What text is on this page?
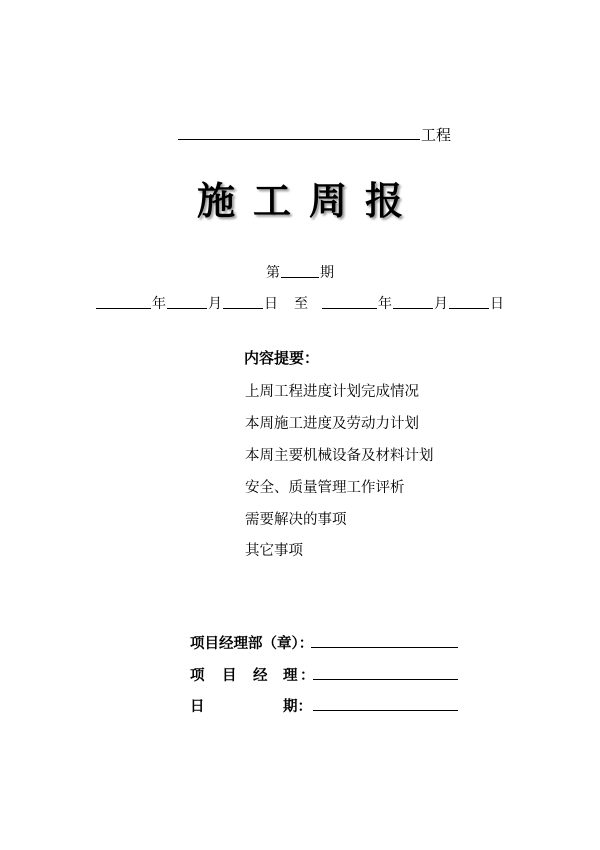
工程
施工周报
第	期
年	月	日 至	年	月	日
内容提要：
上周工程进度计划完成情况
本周施工进度及劳动力计划
本周主要机械设备及材料计划
安全、质量管理工作评析
需要解决的事项
其它事项
项目经理部（章）：
项 目 经 理 ：
日	期：
